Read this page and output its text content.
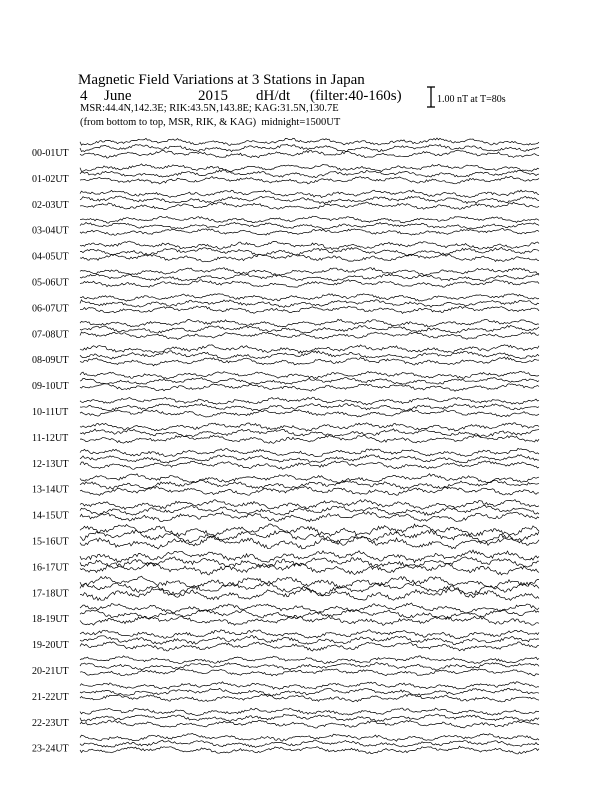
Magnetic Field Variations at 3 Stations in Japan
4 June	2015 dH/dt (filter:40-160s)
MSR:44.4N,142.3E; RIK:43.5N,143.8E; KAG:31.5N,130.7E
(from bottom to top, MSR, RIK, & KAG) midnight=1500UT
1.00 nT at T=80s
00-01UT
01-02UT
02-03UT
03-04UT
04-05UT
05-06UT
06-07UT
07-08UT
08-09UT
09-10UT
10-11UT
11-12UT
12-13UT
13-14UT
14-15UT
15-16UT
16-17UT
17-18UT
18-19UT
19-20UT
20-21UT
21-22UT
22-23UT
23-24UT
